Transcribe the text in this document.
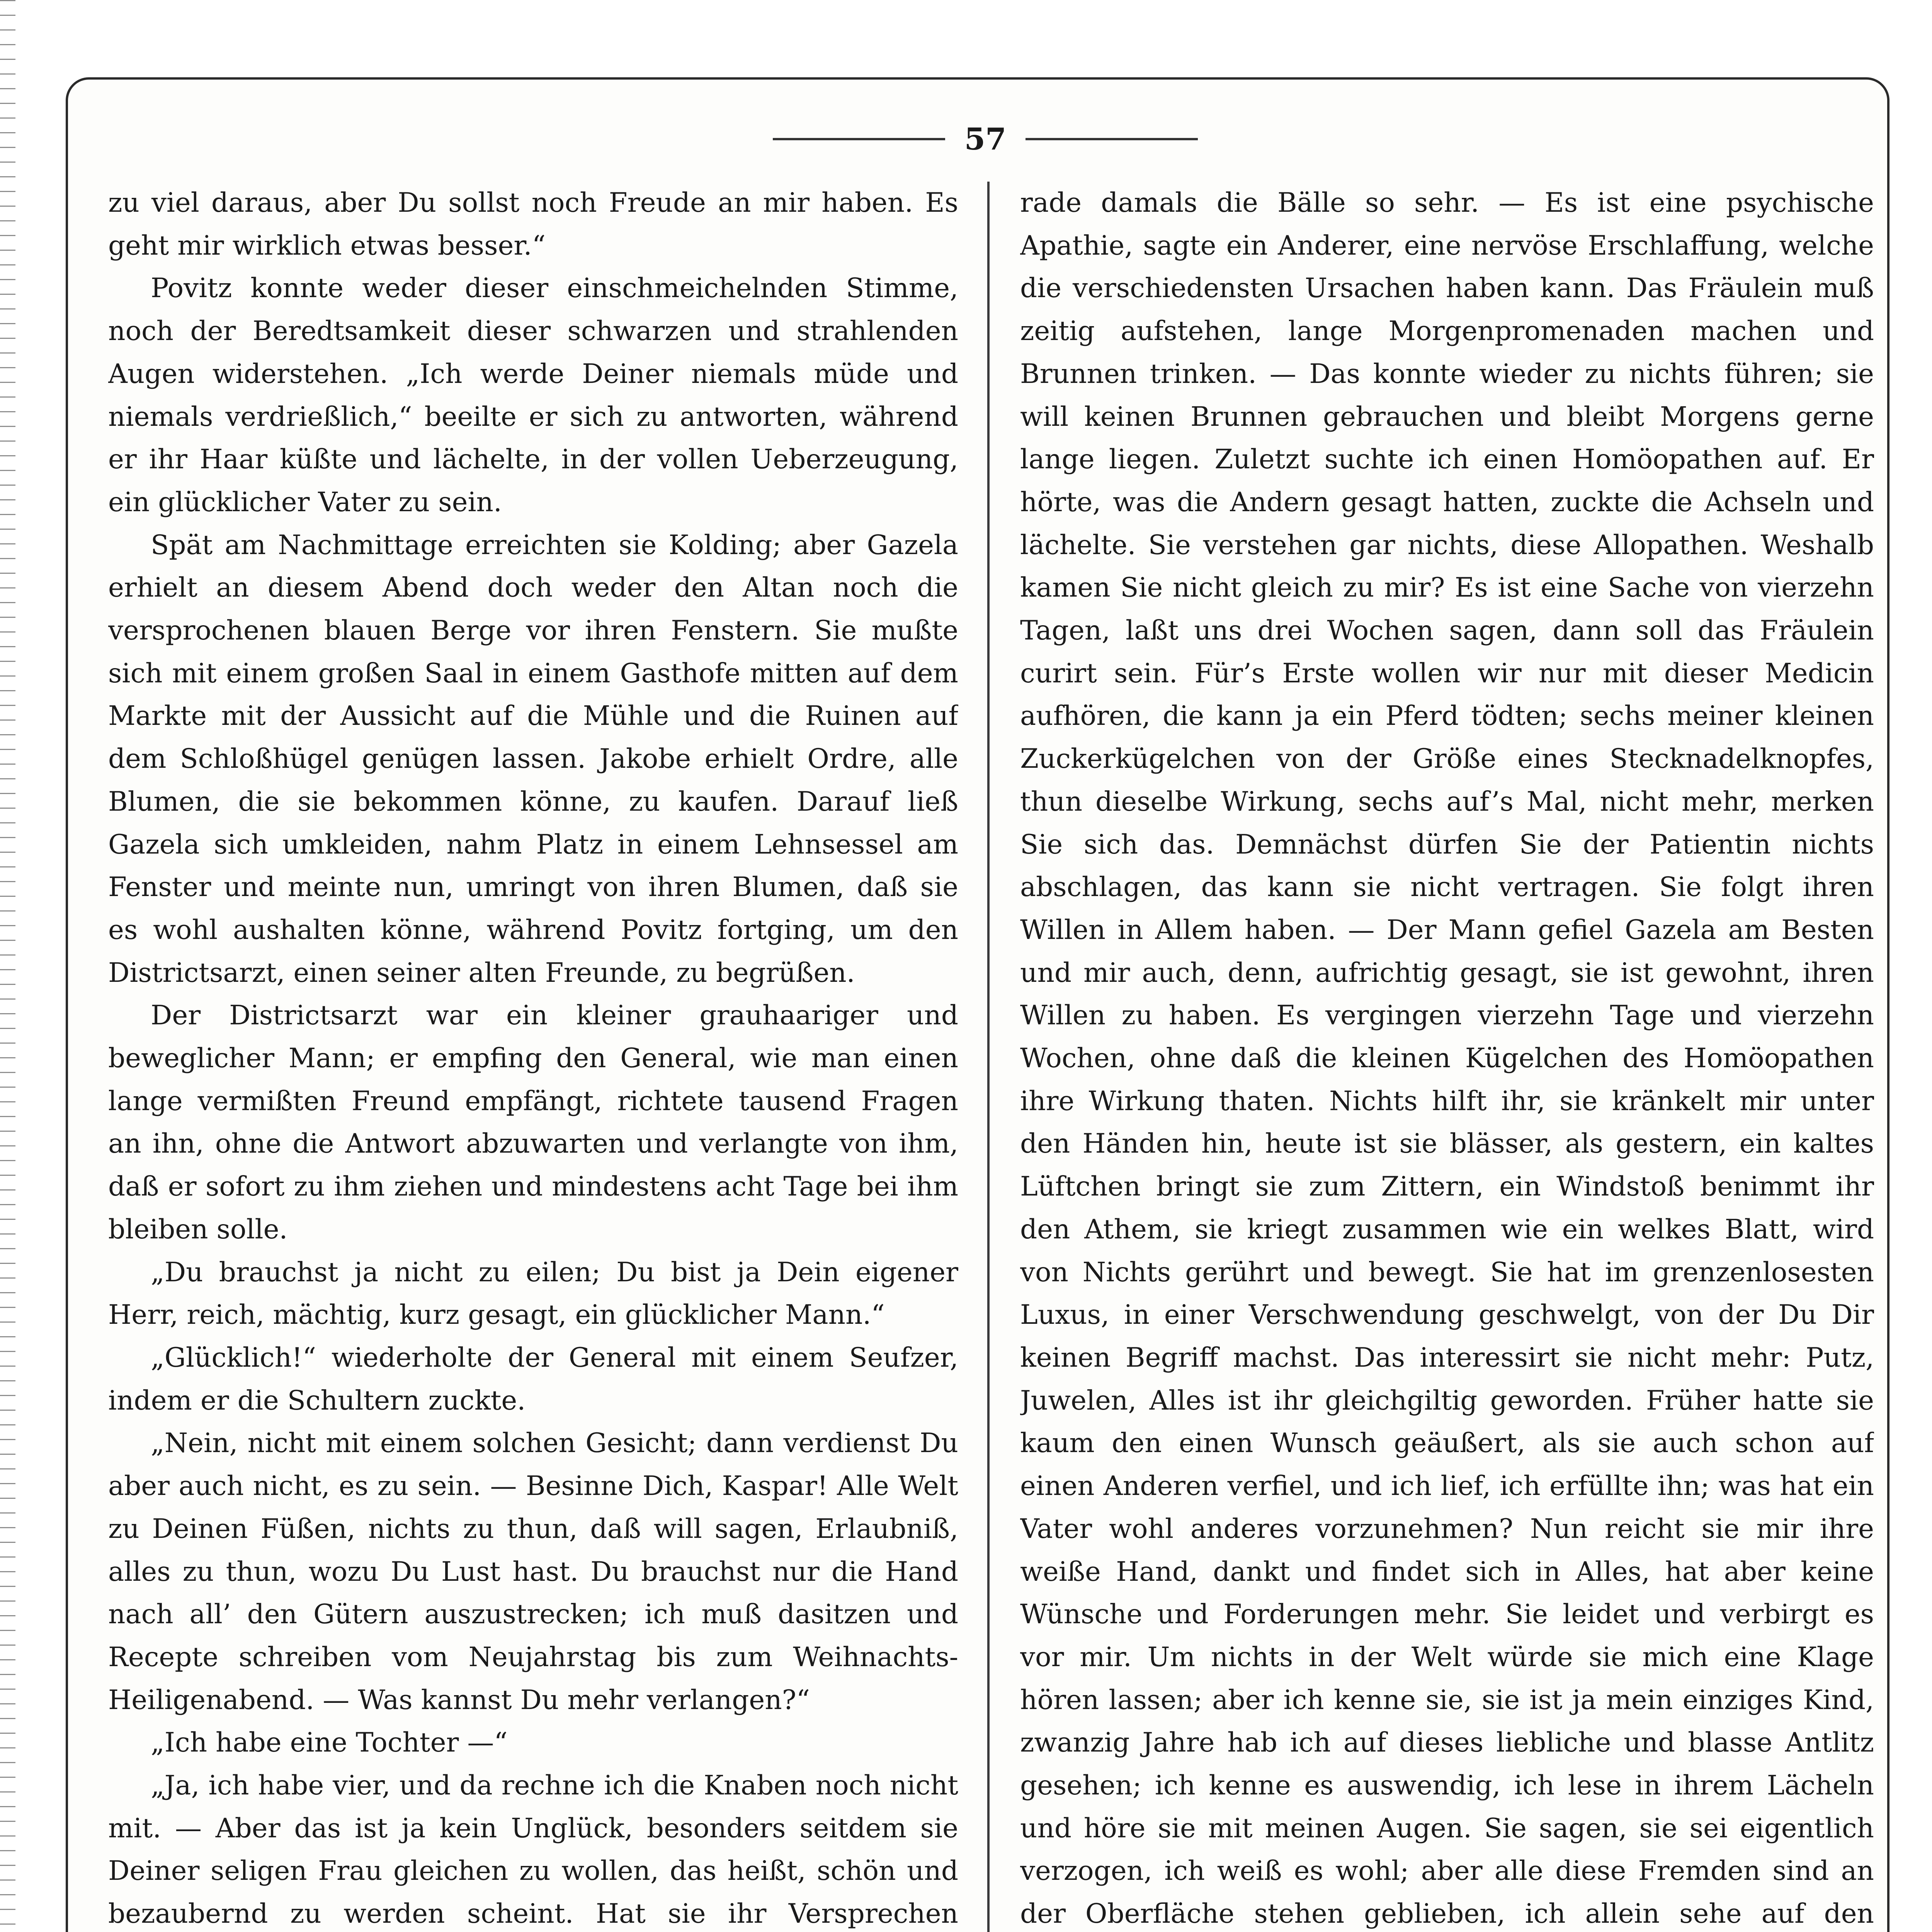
57

zu viel daraus, aber Du sollst noch Freude an mir haben. Es geht mir wirklich etwas besser.“

Povitz konnte weder dieser einschmeichelnden Stimme, noch der Beredtsamkeit dieser schwarzen und strahlenden Augen widerstehen. „Ich werde Deiner niemals müde und niemals verdrießlich,“ beeilte er sich zu antworten, während er ihr Haar küßte und lächelte, in der vollen Ueberzeugung, ein glücklicher Vater zu sein.

Spät am Nachmittage erreichten sie Kolding; aber Gazela erhielt an diesem Abend doch weder den Altan noch die versprochenen blauen Berge vor ihren Fenstern. Sie mußte sich mit einem großen Saal in einem Gasthofe mitten auf dem Markte mit der Aussicht auf die Mühle und die Ruinen auf dem Schloßhügel genügen lassen. Jakobe erhielt Ordre, alle Blumen, die sie bekommen könne, zu kaufen. Darauf ließ Gazela sich umkleiden, nahm Platz in einem Lehnsessel am Fenster und meinte nun, umringt von ihren Blumen, daß sie es wohl aushalten könne, während Povitz fortging, um den Districtsarzt, einen seiner alten Freunde, zu begrüßen.

Der Districtsarzt war ein kleiner grauhaariger und beweglicher Mann; er empfing den General, wie man einen lange vermißten Freund empfängt, richtete tausend Fragen an ihn, ohne die Antwort abzuwarten und verlangte von ihm, daß er sofort zu ihm ziehen und mindestens acht Tage bei ihm bleiben solle.

„Du brauchst ja nicht zu eilen; Du bist ja Dein eigener Herr, reich, mächtig, kurz gesagt, ein glücklicher Mann.“

„Glücklich!“ wiederholte der General mit einem Seufzer, indem er die Schultern zuckte.

„Nein, nicht mit einem solchen Gesicht; dann verdienst Du aber auch nicht, es zu sein. — Besinne Dich, Kaspar! Alle Welt zu Deinen Füßen, nichts zu thun, daß will sagen, Erlaubniß, alles zu thun, wozu Du Lust hast. Du brauchst nur die Hand nach all’ den Gütern auszustrecken; ich muß dasitzen und Recepte schreiben vom Neujahrstag bis zum Weihnachts-Heiligenabend. — Was kannst Du mehr verlangen?“

„Ich habe eine Tochter —“

„Ja, ich habe vier, und da rechne ich die Knaben noch nicht mit. — Aber das ist ja kein Unglück, besonders seitdem sie Deiner seligen Frau gleichen zu wollen, das heißt, schön und bezaubernd zu werden scheint. Hat sie ihr Versprechen

rade damals die Bälle so sehr. — Es ist eine psychische Apathie, sagte ein Anderer, eine nervöse Erschlaffung, welche die verschiedensten Ursachen haben kann. Das Fräulein muß zeitig aufstehen, lange Morgenpromenaden machen und Brunnen trinken. — Das konnte wieder zu nichts führen; sie will keinen Brunnen gebrauchen und bleibt Morgens gerne lange liegen. Zuletzt suchte ich einen Homöopathen auf. Er hörte, was die Andern gesagt hatten, zuckte die Achseln und lächelte. Sie verstehen gar nichts, diese Allopathen. Weshalb kamen Sie nicht gleich zu mir? Es ist eine Sache von vierzehn Tagen, laßt uns drei Wochen sagen, dann soll das Fräulein curirt sein. Für’s Erste wollen wir nur mit dieser Medicin aufhören, die kann ja ein Pferd tödten; sechs meiner kleinen Zuckerkügelchen von der Größe eines Stecknadelknopfes, thun dieselbe Wirkung, sechs auf’s Mal, nicht mehr, merken Sie sich das. Demnächst dürfen Sie der Patientin nichts abschlagen, das kann sie nicht vertragen. Sie folgt ihren Willen in Allem haben. — Der Mann gefiel Gazela am Besten und mir auch, denn, aufrichtig gesagt, sie ist gewohnt, ihren Willen zu haben. Es vergingen vierzehn Tage und vierzehn Wochen, ohne daß die kleinen Kügelchen des Homöopathen ihre Wirkung thaten. Nichts hilft ihr, sie kränkelt mir unter den Händen hin, heute ist sie blässer, als gestern, ein kaltes Lüftchen bringt sie zum Zittern, ein Windstoß benimmt ihr den Athem, sie kriegt zusammen wie ein welkes Blatt, wird von Nichts gerührt und bewegt. Sie hat im grenzenlosesten Luxus, in einer Verschwendung geschwelgt, von der Du Dir keinen Begriff machst. Das interessirt sie nicht mehr: Putz, Juwelen, Alles ist ihr gleichgiltig geworden. Früher hatte sie kaum den einen Wunsch geäußert, als sie auch schon auf einen Anderen verfiel, und ich lief, ich erfüllte ihn; was hat ein Vater wohl anderes vorzunehmen? Nun reicht sie mir ihre weiße Hand, dankt und findet sich in Alles, hat aber keine Wünsche und Forderungen mehr. Sie leidet und verbirgt es vor mir. Um nichts in der Welt würde sie mich eine Klage hören lassen; aber ich kenne sie, sie ist ja mein einziges Kind, zwanzig Jahre hab ich auf dieses liebliche und blasse Antlitz gesehen; ich kenne es auswendig, ich lese in ihrem Lächeln und höre sie mit meinen Augen. Sie sagen, sie sei eigentlich verzogen, ich weiß es wohl; aber alle diese Fremden sind an der Oberfläche stehen geblieben, ich allein sehe auf den
